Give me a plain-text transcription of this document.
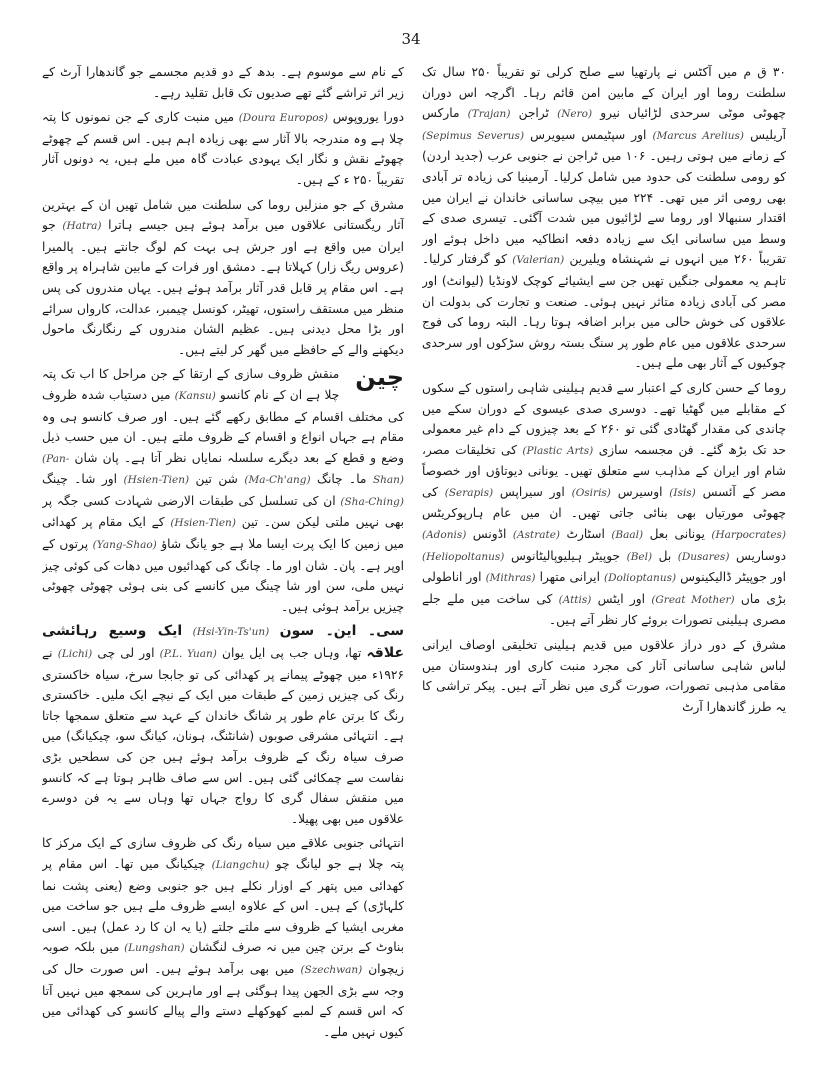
34

۳۰ ق م میں آکٹس نے پارتھیا سے صلح کرلی تو تقریباً ۲۵۰ سال تک سلطنت روما اور ایران کے مابین امن قائم رہا۔ اگرچہ اس دوران چھوٹی موٹی سرحدی لڑائیاں نیرو (Nero) ٹراجن (Trajan) مارکس آریلیس (Marcus Arelius) اور سپٹیمس سیویرس (Sepimus Severus) کے زمانے میں ہوتی رہیں۔ ۱۰۶ میں ٹراجن نے جنوبی عرب (جدید اردن) کو رومی سلطنت کی حدود میں شامل کرلیا۔ آرمینیا کی زیادہ تر آبادی بھی رومی اثر میں تھی۔ ۲۲۴ میں بیچی ساسانی خاندان نے ایران میں اقتدار سنبھالا اور روما سے لڑائیوں میں شدت آگئی۔ تیسری صدی کے وسط میں ساسانی ایک سے زیادہ دفعہ انطاکیہ میں داخل ہوئے اور تقریباً ۲۶۰ میں انہوں نے شہنشاہ ویلیرین (Valerian) کو گرفتار کرلیا۔ تاہم یہ معمولی جنگیں تھیں جن سے ایشیائے کوچک لاونڈیا (لیوانٹ) اور مصر کی آبادی زیادہ متاثر نہیں ہوئی۔ صنعت و تجارت کی بدولت ان علاقوں کی خوش حالی میں برابر اضافہ ہوتا رہا۔ البتہ روما کی فوج سرحدی علاقوں میں عام طور پر سنگ بستہ روش سڑکوں اور سرحدی چوکیوں کے آثار بھی ملے ہیں۔

روما کے حسن کاری کے اعتبار سے قدیم ہیلینی شاہی راستوں کے سکوں کے مقابلے میں گھٹیا تھے۔ دوسری صدی عیسوی کے دوران سکے میں چاندی کی مقدار گھٹادی گئی تو ۲۶۰ کے بعد چیزوں کے دام غیر معمولی حد تک بڑھ گئے۔ فن مجسمہ سازی (Plastic Arts) کی تخلیقات مصر، شام اور ایران کے مذاہب سے متعلق تھیں۔ یونانی دیوتاؤں اور خصوصاً مصر کے آئسس (Isis) اوسیرس (Osiris) اور سیراپس (Serapis) کی چھوٹی مورتیاں بھی بنائی جاتی تھیں۔ ان میں عام ہارپوکریٹس (Harpocrates) یونانی بعل (Baal) اسٹارٹ (Astrate) اڈونس (Adonis) دوساریس (Dusares) بل (Bel) جوپیٹر ہیلیوپالیٹانوس (Heliopoltanus) اور جوپیٹر ڈالیکینوس (Dolioptanus) ایرانی متھرا (Mithras) اور اناطولی بڑی ماں (Great Mother) اور ایٹس (Attis) کی ساخت میں ملے جلے مصری ہیلینی تصورات بروئے کار نظر آتے ہیں۔

مشرق کے دور دراز علاقوں میں قدیم ہیلینی تخلیقی اوصاف ایرانی لباس شاہی ساسانی آثار کی مجرد منبت کاری اور ہندوستان میں مقامی مذہبی تصورات، صورت گری میں نظر آتے ہیں۔ پیکر تراشی کا یہ طرز گاندھارا آرٹ

کے نام سے موسوم ہے۔ بدھ کے دو قدیم مجسمے جو گاندھارا آرٹ کے زیر اثر تراشے گئے تھے صدیوں تک قابل تقلید رہے۔

دورا یوروپوس (Doura Europos) میں منبت کاری کے جن نمونوں کا پتہ چلا ہے وہ مندرجہ بالا آثار سے بھی زیادہ اہم ہیں۔ اس قسم کے چھوٹے چھوٹے نقش و نگار ایک یہودی عبادت گاہ میں ملے ہیں، یہ دونوں آثار تقریباً ۲۵۰ ء کے ہیں۔

مشرق کے جو منزلیں روما کی سلطنت میں شامل تھیں ان کے بہترین آثار ریگستانی علاقوں میں برآمد ہوئے ہیں جیسے ہاترا (Hatra) جو ایران میں واقع ہے اور جرش ہی بہت کم لوگ جانتے ہیں۔ پالمیرا (عروس ریگ زار) کہلاتا ہے۔ دمشق اور فرات کے مابین شاہراہ پر واقع ہے۔ اس مقام پر قابل قدر آثار برآمد ہوئے ہیں۔ یہاں مندروں کی پس منظر میں مستقف راستوں، تھیٹر، کونسل چیمبر، عدالت، کارواں سرائے اور بڑا محل دیدنی ہیں۔ عظیم الشان مندروں کے رنگارنگ ماحول دیکھنے والے کے حافظے میں گھر کر لیتے ہیں۔

چین
منقش ظروف سازی کے ارتقا کے جن مراحل کا اب تک پتہ چلا ہے ان کے نام کانسو (Kansu) میں دستیاب شدہ ظروف کی مختلف اقسام کے مطابق رکھے گئے ہیں۔ اور صرف کانسو ہی وہ مقام ہے جہاں انواع و اقسام کے ظروف ملتے ہیں۔ ان میں حسب ذیل وضع و قطع کے بعد دیگرے سلسلہ نمایاں نظر آتا ہے۔ پان شان (Pan-Shan) ما۔ چانگ (Ma-Ch'ang) شن تین (Hsien-Tien) اور شا۔ چینگ (Sha-Ching) ان کی تسلسل کی طبقات الارضی شہادت کسی جگہ پر بھی نہیں ملتی لیکن سن۔ تین (Hsien-Tien) کے ایک مقام پر کھدائی میں زمین کا ایک پرت ایسا ملا ہے جو یانگ شاؤ (Yang-Shao) پرتوں کے اوپر ہے۔ پان۔ شان اور ما۔ چانگ کی کھدائیوں میں دھات کی کوئی چیز نہیں ملی، سن اور شا چینگ میں کانسے کی بنی ہوئی چھوٹی چھوٹی چیزیں برآمد ہوئی ہیں۔

سی۔ این۔ سون (Hsi-Yin-Ts'un) ایک وسیع رہائشی علاقہ تھا، وہاں جب پی ایل یوان (P.L. Yuan) اور لی چی (Lichi) نے ۱۹۲۶ء میں چھوٹے پیمانے پر کھدائی کی تو جابجا سرخ، سیاہ خاکستری رنگ کی چیزیں زمین کے طبقات میں ایک کے نیچے ایک ملیں۔ خاکستری رنگ کا برتن عام طور پر شانگ خاندان کے عہد سے متعلق سمجھا جاتا ہے۔ انتہائی مشرقی صوبوں (شانٹنگ، ہونان، کیانگ سو، چیکیانگ) میں صرف سیاہ رنگ کے ظروف برآمد ہوئے ہیں جن کی سطحیں بڑی نفاست سے چمکائی گئی ہیں۔ اس سے صاف ظاہر ہوتا ہے کہ کانسو میں منقش سفال گری کا رواج جہاں تھا وہاں سے یہ فن دوسرے علاقوں میں بھی پھیلا۔

انتہائی جنوبی علاقے میں سیاہ رنگ کی ظروف سازی کے ایک مرکز کا پتہ چلا ہے جو لیانگ چو (Liangchu) چیکیانگ میں تھا۔ اس مقام پر کھدائی میں پتھر کے اوزار نکلے ہیں جو جنوبی وضع (یعنی پشت نما کلہاڑی) کے ہیں۔ اس کے علاوہ ایسے ظروف ملے ہیں جو ساخت میں مغربی ایشیا کے ظروف سے ملتے جلتے (یا یہ ان کا رد عمل) ہیں۔ اسی بناوٹ کے برتن چین میں نہ صرف لنگشان (Lungshan) میں بلکہ صوبہ زیچوان (Szechwan) میں بھی برآمد ہوئے ہیں۔ اس صورت حال کی وجہ سے بڑی الجھن پیدا ہوگئی ہے اور ماہرین کی سمجھ میں نہیں آتا کہ اس قسم کے لمبے کھوکھلے دستے والے پیالے کانسو کی کھدائی میں کیوں نہیں ملے۔
